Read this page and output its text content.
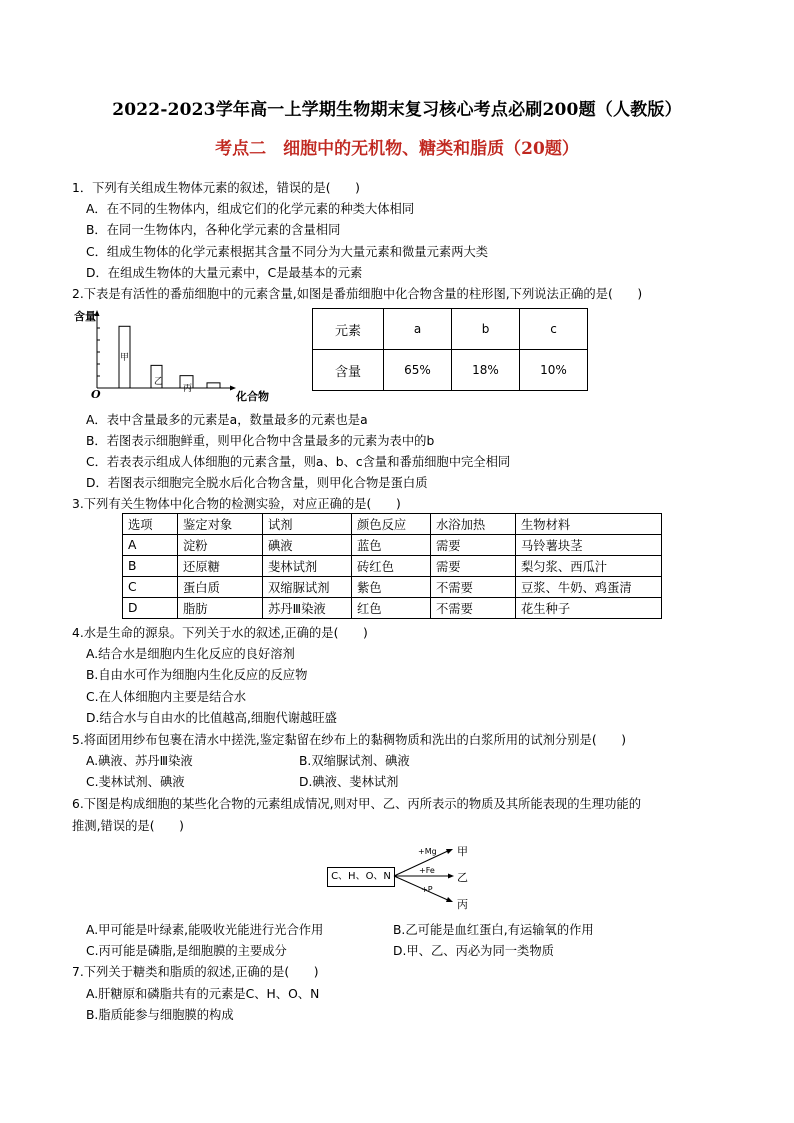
2022-2023学年高一上学期生物期末复习核心考点必刷200题（人教版）
考点二　细胞中的无机物、糖类和脂质（20题）
1．下列有关组成生物体元素的叙述，错误的是(　　)
A．在不同的生物体内，组成它们的化学元素的种类大体相同
B．在同一生物体内，各种化学元素的含量相同
C．组成生物体的化学元素根据其含量不同分为大量元素和微量元素两大类
D．在组成生物体的大量元素中，C是最基本的元素
2.下表是有活性的番茄细胞中的元素含量,如图是番茄细胞中化合物含量的柱形图,下列说法正确的是(　　)
含量
O	化合物
甲
乙
丙
元素	a	b	c
含量	65%	18%	10%
A．表中含量最多的元素是a，数量最多的元素也是a
B．若图表示细胞鲜重，则甲化合物中含量最多的元素为表中的b
C．若表表示组成人体细胞的元素含量，则a、b、c含量和番茄细胞中完全相同
D．若图表示细胞完全脱水后化合物含量，则甲化合物是蛋白质
3.下列有关生物体中化合物的检测实验，对应正确的是(　　)
选项	鉴定对象	试剂	颜色反应	水浴加热	生物材料
A	淀粉	碘液	蓝色	需要	马铃薯块茎
B	还原糖	斐林试剂	砖红色	需要	梨匀浆、西瓜汁
C	蛋白质	双缩脲试剂	紫色	不需要	豆浆、牛奶、鸡蛋清
D	脂肪	苏丹Ⅲ染液	红色	不需要	花生种子
4.水是生命的源泉。下列关于水的叙述,正确的是(　　)
A.结合水是细胞内生化反应的良好溶剂
B.自由水可作为细胞内生化反应的反应物
C.在人体细胞内主要是结合水
D.结合水与自由水的比值越高,细胞代谢越旺盛
5.将面团用纱布包裹在清水中搓洗,鉴定黏留在纱布上的黏稠物质和洗出的白浆所用的试剂分别是(　　)
A.碘液、苏丹Ⅲ染液	B.双缩脲试剂、碘液
C.斐林试剂、碘液	D.碘液、斐林试剂
6.下图是构成细胞的某些化合物的元素组成情况,则对甲、乙、丙所表示的物质及其所能表现的生理功能的
推测,错误的是(　　)
C、H、O、N
+Mg
+Fe
+P
甲
乙
丙
A.甲可能是叶绿素,能吸收光能进行光合作用	B.乙可能是血红蛋白,有运输氧的作用
C.丙可能是磷脂,是细胞膜的主要成分	D.甲、乙、丙必为同一类物质
7.下列关于糖类和脂质的叙述,正确的是(　　)
A.肝糖原和磷脂共有的元素是C、H、O、N
B.脂质能参与细胞膜的构成
